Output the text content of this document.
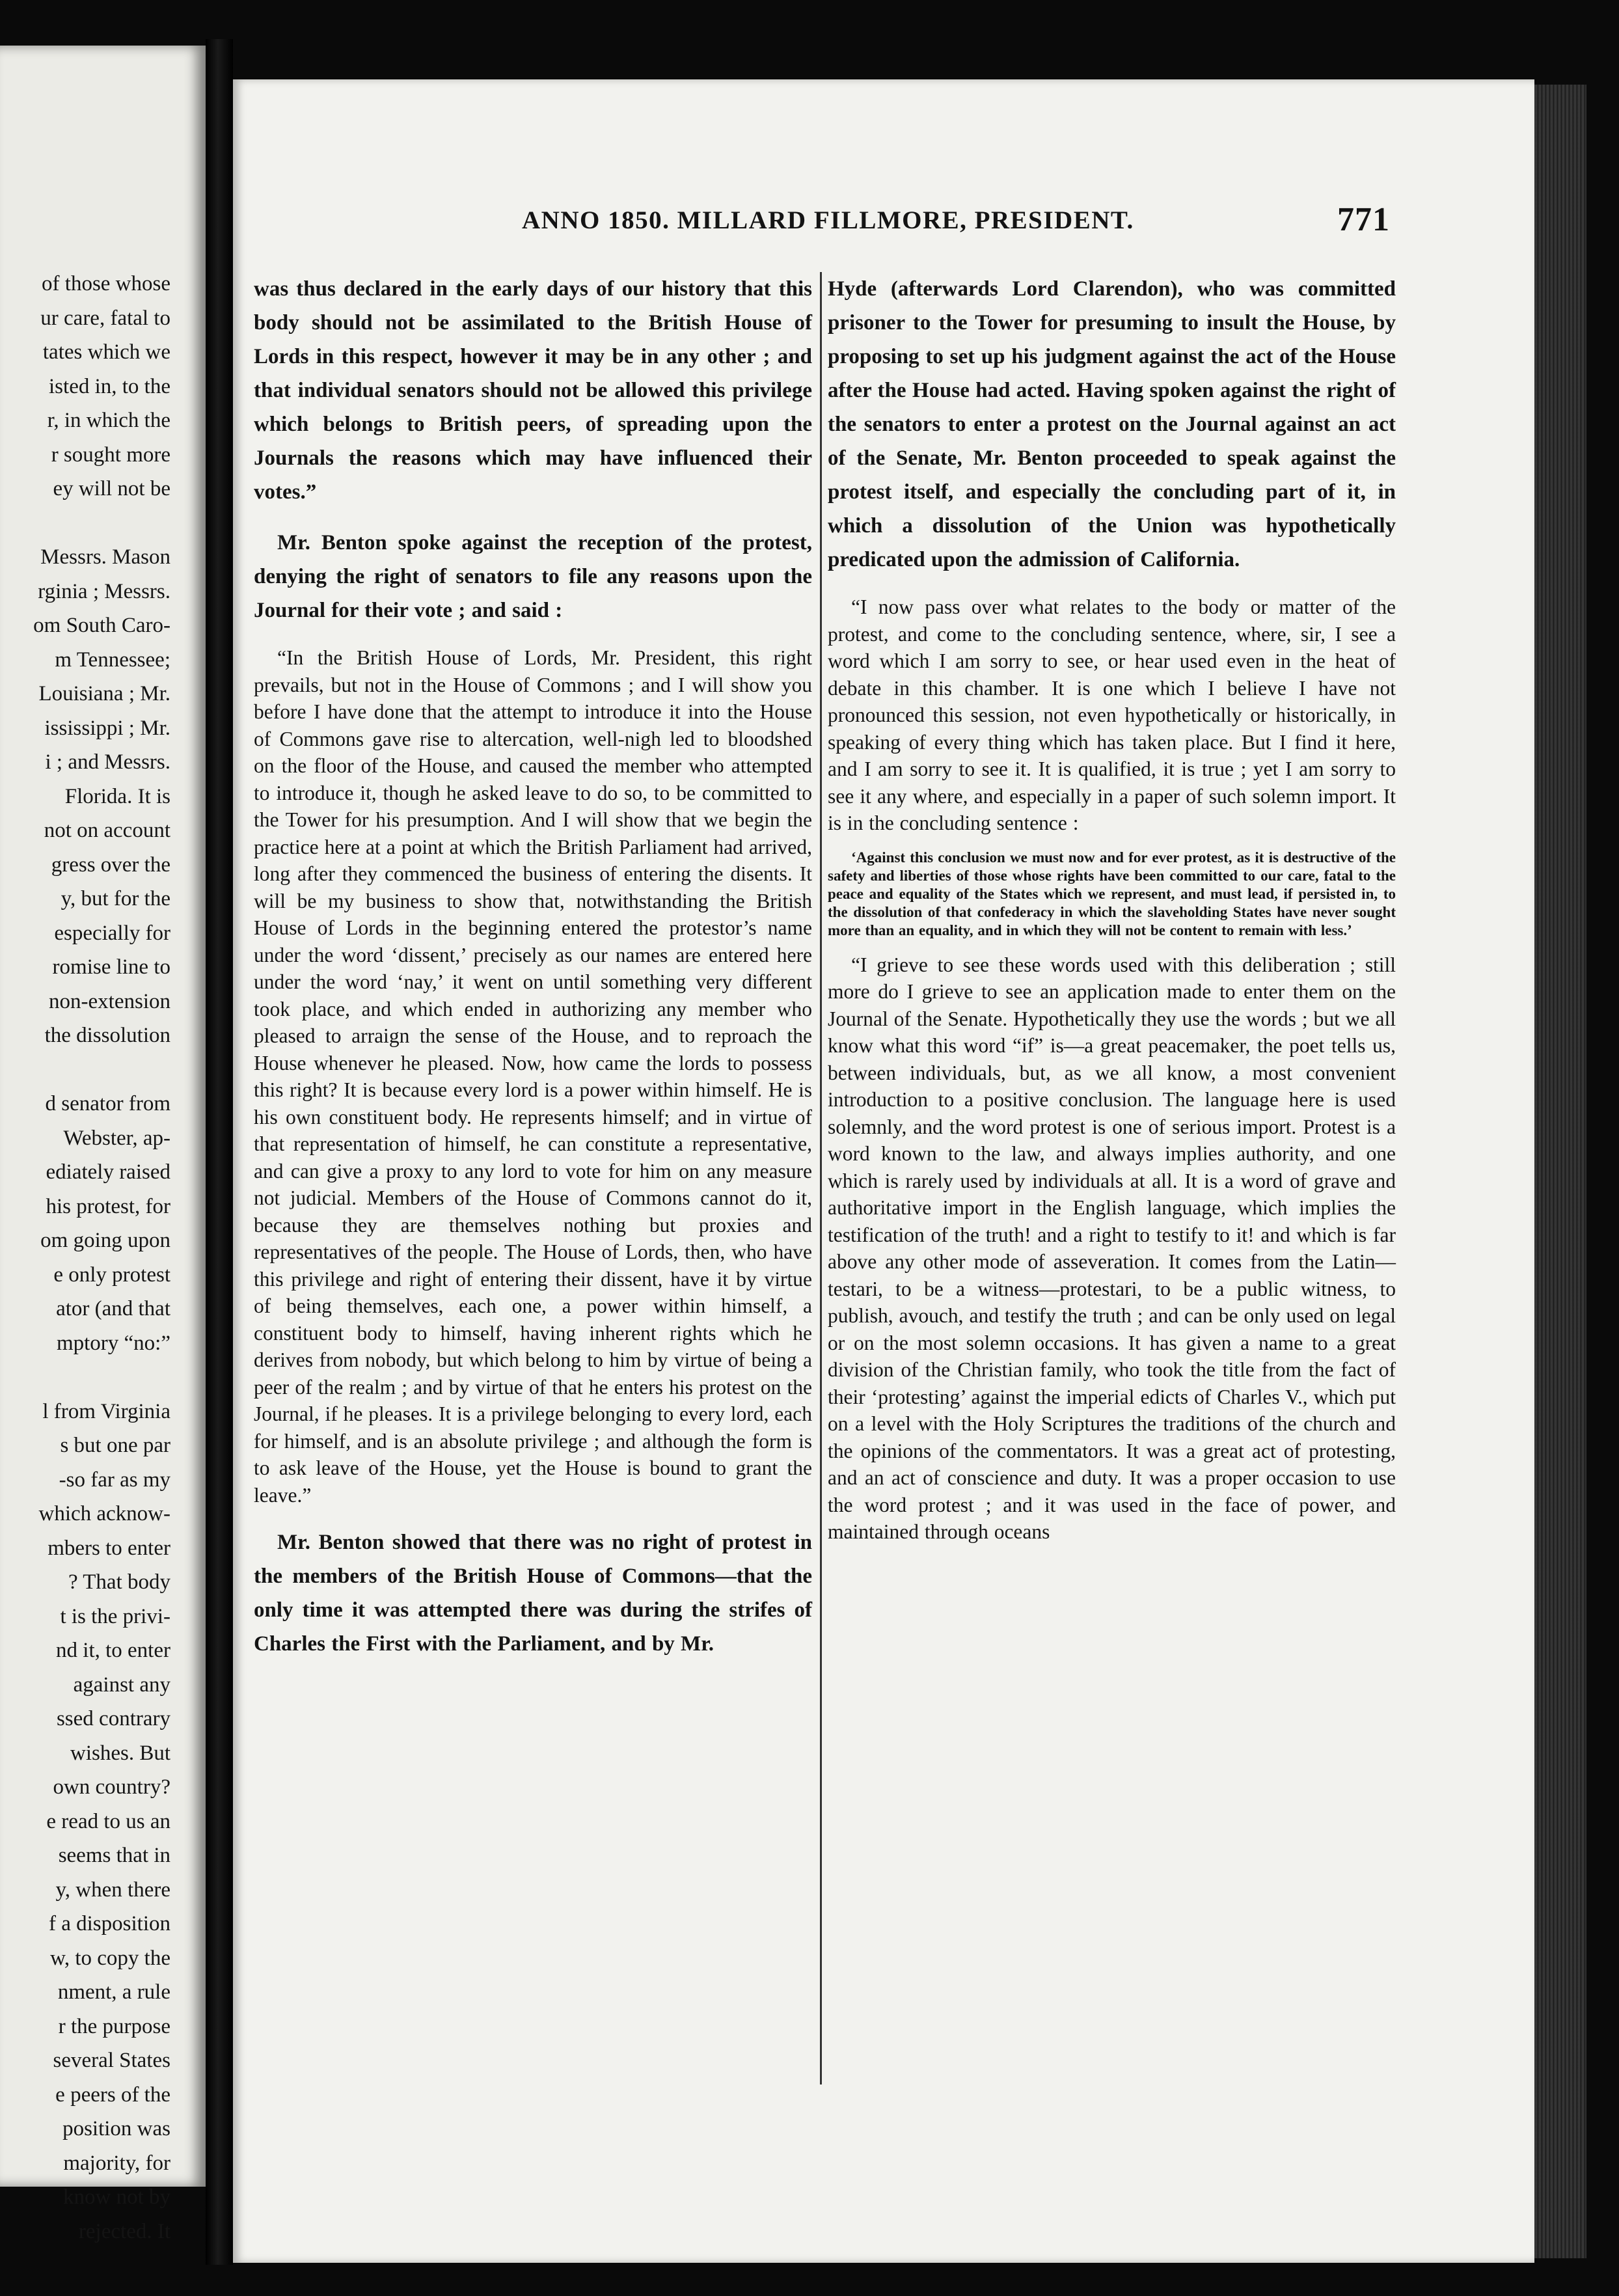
of those whose
ur care, fatal to
tates which we
isted in, to the
r, in which the
r sought more
ey will not be
Messrs. Mason
rginia ; Messrs.
om South Caro-
m Tennessee;
Louisiana ; Mr.
ississippi ; Mr.
i ; and Messrs.
Florida. It is
not on account
gress over the
y, but for the
especially for
romise line to
non-extension
the dissolution
d senator from
Webster, ap-
ediately raised
his protest, for
om going upon
e only protest
ator (and that
mptory “no:”
l from Virginia
s but one par
-so far as my
which acknow-
mbers to enter
? That body
t is the privi-
nd it, to enter
against any
ssed contrary
wishes. But
own country?
e read to us an
seems that in
y, when there
f a disposition
w, to copy the
nment, a rule
r the purpose
several States
e peers of the
position was
majority, for
know not by
rejected. It
ANNO 1850. MILLARD FILLMORE, PRESIDENT.	771

was thus declared in the early days of our history that this body should not be assimilated to the British House of Lords in this respect, however it may be in any other ; and that individual senators should not be allowed this privilege which belongs to British peers, of spreading upon the Journals the reasons which may have influenced their votes.”

Mr. Benton spoke against the reception of the protest, denying the right of senators to file any reasons upon the Journal for their vote ; and said :

“In the British House of Lords, Mr. President, this right prevails, but not in the House of Commons ; and I will show you before I have done that the attempt to introduce it into the House of Commons gave rise to altercation, well-nigh led to bloodshed on the floor of the House, and caused the member who attempted to introduce it, though he asked leave to do so, to be committed to the Tower for his presumption. And I will show that we begin the practice here at a point at which the British Parliament had arrived, long after they commenced the business of entering the disents. It will be my business to show that, notwithstanding the British House of Lords in the beginning entered the protestor’s name under the word ‘dissent,’ precisely as our names are entered here under the word ‘nay,’ it went on until something very different took place, and which ended in authorizing any member who pleased to arraign the sense of the House, and to reproach the House whenever he pleased. Now, how came the lords to possess this right? It is because every lord is a power within himself. He is his own constituent body. He represents himself; and in virtue of that representation of himself, he can constitute a representative, and can give a proxy to any lord to vote for him on any measure not judicial. Members of the House of Commons cannot do it, because they are themselves nothing but proxies and representatives of the people. The House of Lords, then, who have this privilege and right of entering their dissent, have it by virtue of being themselves, each one, a power within himself, a constituent body to himself, having inherent rights which he derives from nobody, but which belong to him by virtue of being a peer of the realm ; and by virtue of that he enters his protest on the Journal, if he pleases. It is a privilege belonging to every lord, each for himself, and is an absolute privilege ; and although the form is to ask leave of the House, yet the House is bound to grant the leave.”

Mr. Benton showed that there was no right of protest in the members of the British House of Commons—that the only time it was attempted there was during the strifes of Charles the First with the Parliament, and by Mr.

Hyde (afterwards Lord Clarendon), who was committed prisoner to the Tower for presuming to insult the House, by proposing to set up his judgment against the act of the House after the House had acted. Having spoken against the right of the senators to enter a protest on the Journal against an act of the Senate, Mr. Benton proceeded to speak against the protest itself, and especially the concluding part of it, in which a dissolution of the Union was hypothetically predicated upon the admission of California.

“I now pass over what relates to the body or matter of the protest, and come to the concluding sentence, where, sir, I see a word which I am sorry to see, or hear used even in the heat of debate in this chamber. It is one which I believe I have not pronounced this session, not even hypothetically or historically, in speaking of every thing which has taken place. But I find it here, and I am sorry to see it. It is qualified, it is true ; yet I am sorry to see it any where, and especially in a paper of such solemn import. It is in the concluding sentence :

‘Against this conclusion we must now and for ever protest, as it is destructive of the safety and liberties of those whose rights have been committed to our care, fatal to the peace and equality of the States which we represent, and must lead, if persisted in, to the dissolution of that confederacy in which the slaveholding States have never sought more than an equality, and in which they will not be content to remain with less.’

“I grieve to see these words used with this deliberation ; still more do I grieve to see an application made to enter them on the Journal of the Senate. Hypothetically they use the words ; but we all know what this word “if” is—a great peacemaker, the poet tells us, between individuals, but, as we all know, a most convenient introduction to a positive conclusion. The language here is used solemnly, and the word protest is one of serious import. Protest is a word known to the law, and always implies authority, and one which is rarely used by individuals at all. It is a word of grave and authoritative import in the English language, which implies the testification of the truth! and a right to testify to it! and which is far above any other mode of asseveration. It comes from the Latin—testari, to be a witness—protestari, to be a public witness, to publish, avouch, and testify the truth ; and can be only used on legal or on the most solemn occasions. It has given a name to a great division of the Christian family, who took the title from the fact of their ‘protesting’ against the imperial edicts of Charles V., which put on a level with the Holy Scriptures the traditions of the church and the opinions of the commentators. It was a great act of protesting, and an act of conscience and duty. It was a proper occasion to use the word protest ; and it was used in the face of power, and maintained through oceans
